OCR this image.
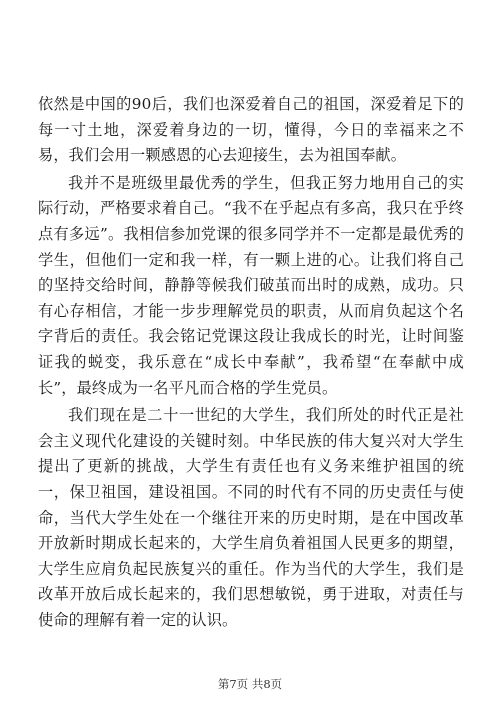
依然是中国的90后，我们也深爱着自己的祖国，深爱着足下的每一寸土地，深爱着身边的一切，懂得，今日的幸福来之不易，我们会用一颗感恩的心去迎接生，去为祖国奉献。

我并不是班级里最优秀的学生，但我正努力地用自己的实际行动，严格要求着自己。“我不在乎起点有多高，我只在乎终点有多远”。我相信参加党课的很多同学并不一定都是最优秀的学生，但他们一定和我一样，有一颗上进的心。让我们将自己的坚持交给时间，静静等候我们破茧而出时的成熟，成功。只有心存相信，才能一步步理解党员的职责，从而肩负起这个名字背后的责任。我会铭记党课这段让我成长的时光，让时间鉴证我的蜕变，我乐意在“成长中奉献”，我希望“在奉献中成长”，最终成为一名平凡而合格的学生党员。

我们现在是二十一世纪的大学生，我们所处的时代正是社会主义现代化建设的关键时刻。中华民族的伟大复兴对大学生提出了更新的挑战，大学生有责任也有义务来维护祖国的统一，保卫祖国，建设祖国。不同的时代有不同的历史责任与使命，当代大学生处在一个继往开来的历史时期，是在中国改革开放新时期成长起来的，大学生肩负着祖国人民更多的期望，大学生应肩负起民族复兴的重任。作为当代的大学生，我们是改革开放后成长起来的，我们思想敏锐，勇于进取，对责任与使命的理解有着一定的认识。

第7页 共8页
